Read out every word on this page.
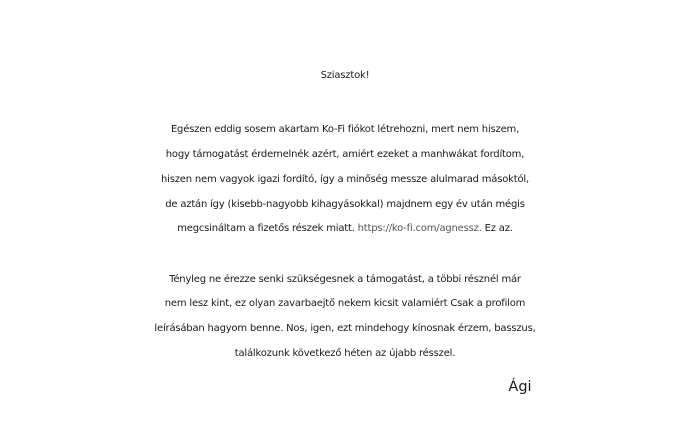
Sziasztok!
Egészen eddig sosem akartam Ko-Fi fiókot létrehozni, mert nem hiszem,
hogy támogatást érdemelnék azért, amiért ezeket a manhwákat fordítom,
hiszen nem vagyok igazi fordító, így a minőség messze alulmarad másoktól,
de aztán így (kisebb-nagyobb kihagyásokkal) majdnem egy év után mégis
megcsináltam a fizetős részek miatt. https://ko-fi.com/agnessz. Ez az.
Tényleg ne érezze senki szükségesnek a támogatást, a többi résznél már
nem lesz kint, ez olyan zavarbaejtő nekem kicsit valamiért Csak a profilom
leírásában hagyom benne. Nos, igen, ezt mindehogy kínosnak érzem, basszus,
találkozunk következő héten az újabb résszel.
Ági
